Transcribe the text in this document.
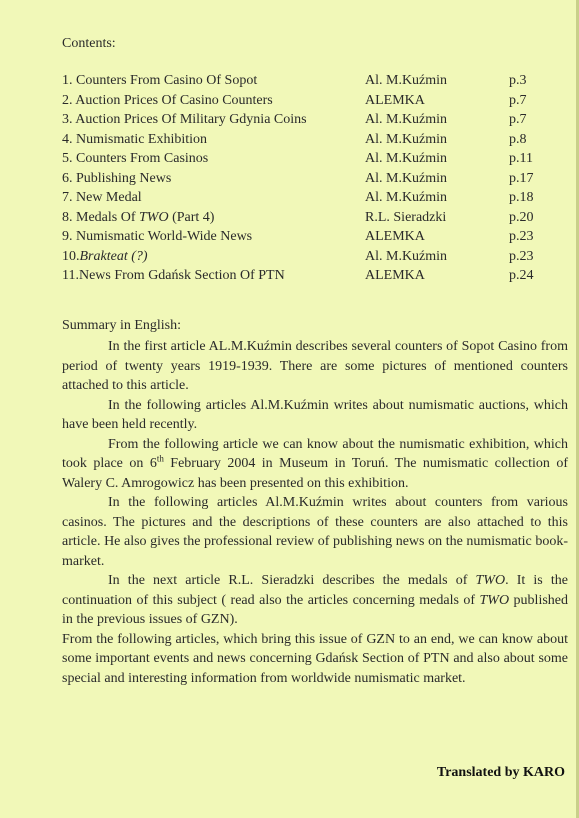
Contents:
1. Counters From Casino Of Sopot	Al. M.Kuźmin	p.3
2. Auction Prices Of Casino Counters	ALEMKA	p.7
3. Auction Prices Of Military Gdynia Coins	Al. M.Kuźmin	p.7
4. Numismatic Exhibition	Al. M.Kuźmin	p.8
5. Counters From Casinos	Al. M.Kuźmin	p.11
6. Publishing News	Al. M.Kuźmin	p.17
7. New Medal	Al. M.Kuźmin	p.18
8. Medals Of TWO (Part 4)	R.L. Sieradzki	p.20
9. Numismatic World-Wide News	ALEMKA	p.23
10.Brakteat (?)	Al. M.Kuźmin	p.23
11.News From Gdańsk Section Of PTN	ALEMKA	p.24
Summary in English:

In the first article AL.M.Kuźmin describes several counters of Sopot Casino from period of twenty years 1919-1939. There are some pictures of mentioned counters attached to this article.

In the following articles Al.M.Kuźmin writes about numismatic auctions, which have been held recently.

From the following article we can know about the numismatic exhibition, which took place on 6th February 2004 in Museum in Toruń. The numismatic collection of Walery C. Amrogowicz has been presented on this exhibition.

In the following articles Al.M.Kuźmin writes about counters from various casinos. The pictures and the descriptions of these counters are also attached to this article. He also gives the professional review of publishing news on the numismatic book- market.

In the next article R.L. Sieradzki describes the medals of TWO. It is the continuation of this subject ( read also the articles concerning medals of TWO published in the previous issues of GZN).

From the following articles, which bring this issue of GZN to an end, we can know about some important events and news concerning Gdańsk Section of PTN and also about some special and interesting information from worldwide numismatic market.

Translated by KARO
